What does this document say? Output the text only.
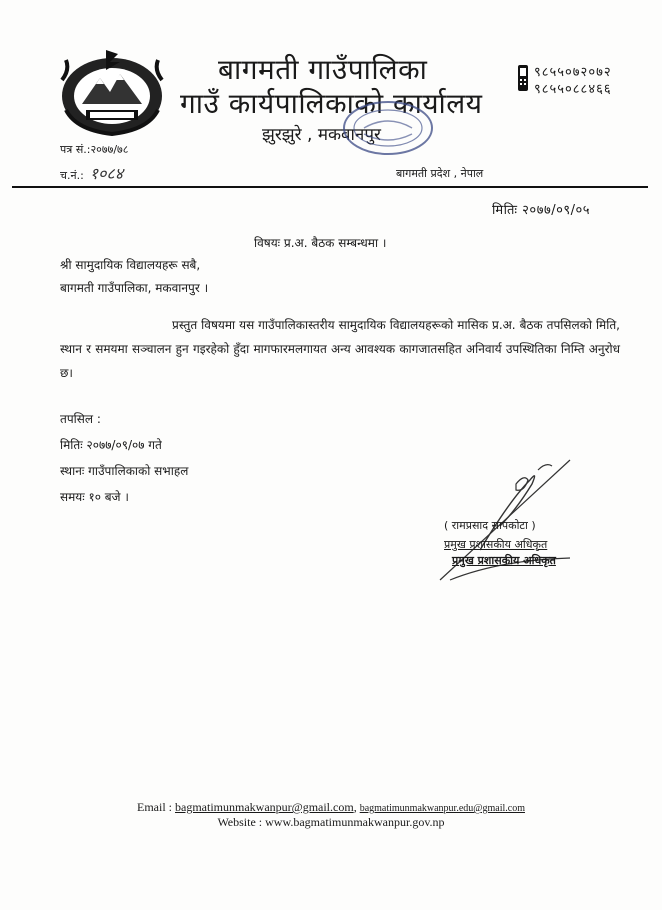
बागमती गाउँपालिका
गाउँ कार्यपालिकाको कार्यालय
झुरझुरे , मकवानपुर
९८५५०७२०७२
९८५५०८८४६६
पत्र सं.:२०७७/७८
च.नं.: १०८४	बागमती प्रदेश , नेपाल
मितिः २०७७/०९/०५
विषयः प्र.अ. बैठक सम्बन्धमा ।
श्री सामुदायिक विद्यालयहरू सबै,
बागमती गाउँपालिका, मकवानपुर ।
प्रस्तुत विषयमा यस गाउँपालिकास्तरीय सामुदायिक विद्यालयहरूको मासिक प्र.अ. बैठक तपसिलको मिति, स्थान र समयमा सञ्चालन हुन गइरहेको हुँदा मागफारमलगायत अन्य आवश्यक कागजातसहित अनिवार्य उपस्थितिका निम्ति अनुरोध छ।
तपसिल :
मितिः २०७७/०९/०७ गते
स्थानः गाउँपालिकाको सभाहल
समयः १० बजे ।
( रामप्रसाद सापकोटा )
प्रमुख प्रशासकीय अधिकृत
प्रमुख प्रशासकीय अधिकृत
Email : bagmatimunmakwanpur@gmail.com, bagmatimunmakwanpur.edu@gmail.com
Website : www.bagmatimunmakwanpur.gov.np
